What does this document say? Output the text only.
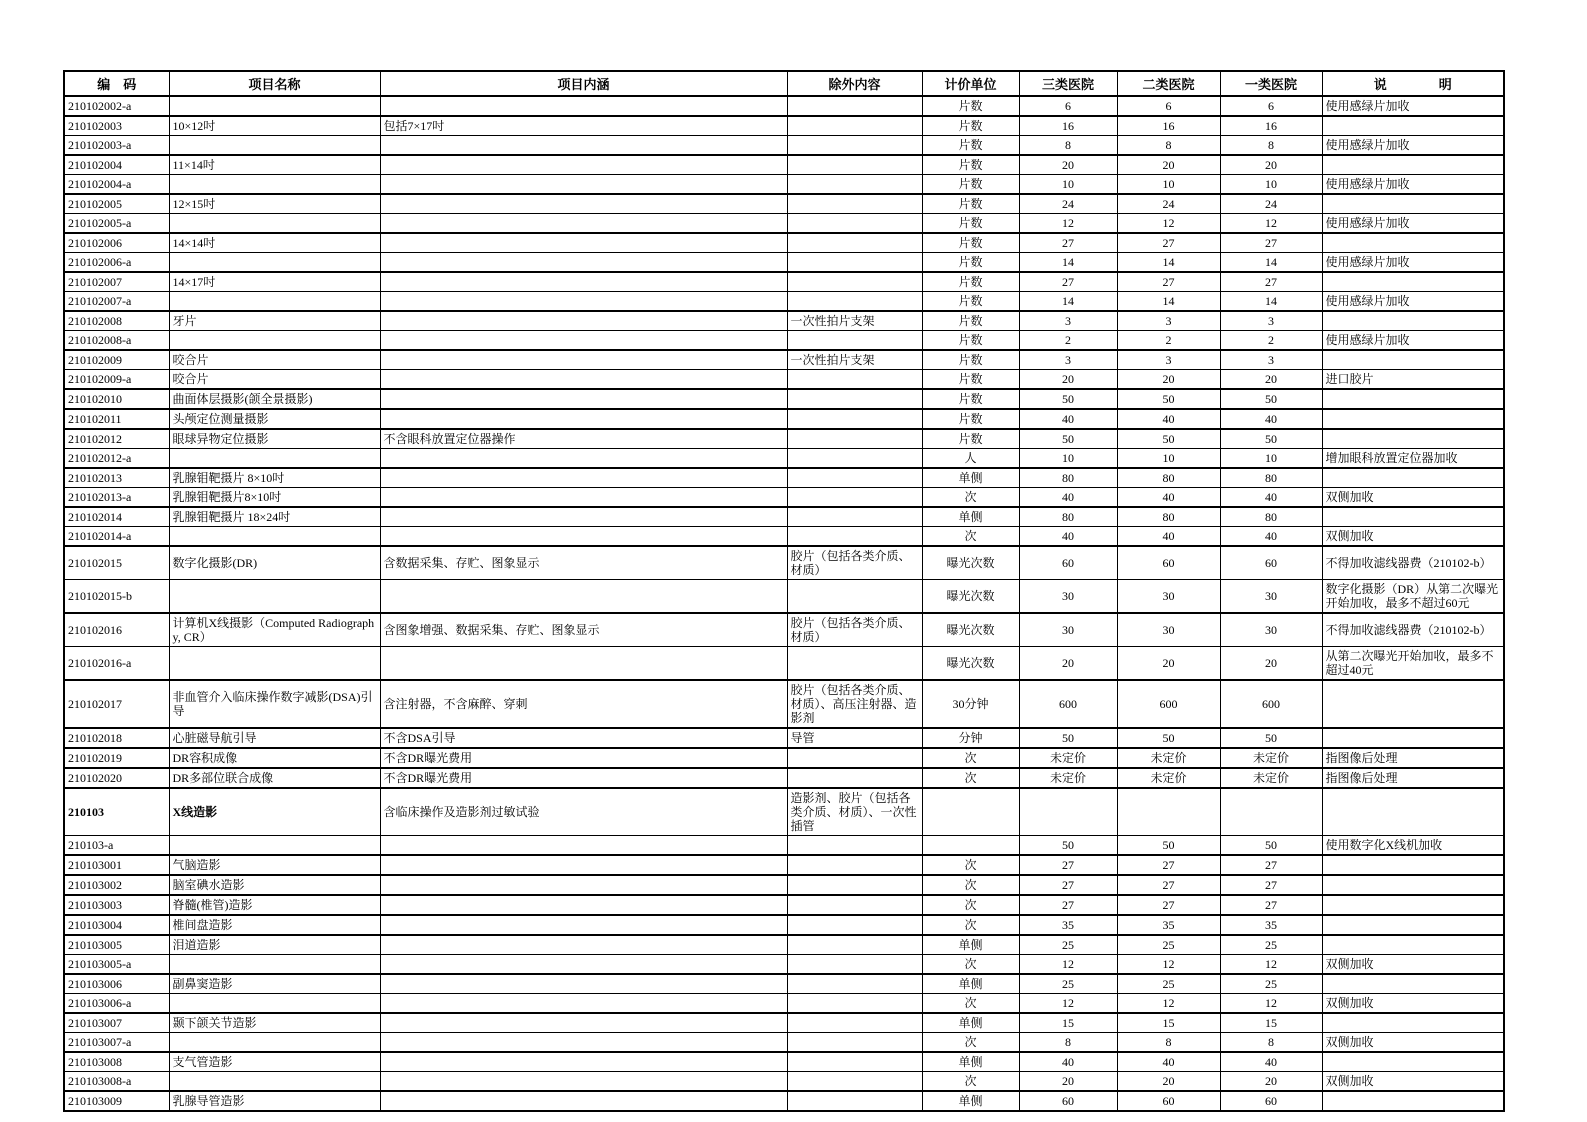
编　码	项目名称	项目内涵	除外内容	计价单位	三类医院	二类医院	一类医院	说　　　　明
210102002-a				片数	6	6	6	使用感绿片加收
210102003	10×12吋	包括7×17吋		片数	16	16	16	
210102003-a				片数	8	8	8	使用感绿片加收
210102004	11×14吋			片数	20	20	20	
210102004-a				片数	10	10	10	使用感绿片加收
210102005	12×15吋			片数	24	24	24	
210102005-a				片数	12	12	12	使用感绿片加收
210102006	14×14吋			片数	27	27	27	
210102006-a				片数	14	14	14	使用感绿片加收
210102007	14×17吋			片数	27	27	27	
210102007-a				片数	14	14	14	使用感绿片加收
210102008	牙片		一次性拍片支架	片数	3	3	3	
210102008-a				片数	2	2	2	使用感绿片加收
210102009	咬合片		一次性拍片支架	片数	3	3	3	
210102009-a	咬合片			片数	20	20	20	进口胶片
210102010	曲面体层摄影(颌全景摄影)			片数	50	50	50	
210102011	头颅定位测量摄影			片数	40	40	40	
210102012	眼球异物定位摄影	不含眼科放置定位器操作		片数	50	50	50	
210102012-a				人	10	10	10	增加眼科放置定位器加收
210102013	乳腺钼靶摄片 8×10吋			单侧	80	80	80	
210102013-a	乳腺钼靶摄片8×10吋			次	40	40	40	双侧加收
210102014	乳腺钼靶摄片 18×24吋			单侧	80	80	80	
210102014-a				次	40	40	40	双侧加收
210102015	数字化摄影(DR)	含数据采集、存贮、图象显示	胶片（包括各类介质、材质）	曝光次数	60	60	60	不得加收滤线器费（210102-b）
210102015-b				曝光次数	30	30	30	数字化摄影（DR）从第二次曝光开始加收，最多不超过60元
210102016	计算机X线摄影（Computed Radiography, CR）	含图象增强、数据采集、存贮、图象显示	胶片（包括各类介质、材质）	曝光次数	30	30	30	不得加收滤线器费（210102-b）
210102016-a				曝光次数	20	20	20	从第二次曝光开始加收，最多不超过40元
210102017	非血管介入临床操作数字减影(DSA)引导	含注射器，不含麻醉、穿刺	胶片（包括各类介质、材质）、高压注射器、造影剂	30分钟	600	600	600	
210102018	心脏磁导航引导	不含DSA引导	导管	分钟	50	50	50	
210102019	DR容积成像	不含DR曝光费用		次	未定价	未定价	未定价	指图像后处理
210102020	DR多部位联合成像	不含DR曝光费用		次	未定价	未定价	未定价	指图像后处理
210103	X线造影	含临床操作及造影剂过敏试验	造影剂、胶片（包括各类介质、材质）、一次性插管					
210103-a					50	50	50	使用数字化X线机加收
210103001	气脑造影			次	27	27	27	
210103002	脑室碘水造影			次	27	27	27	
210103003	脊髓(椎管)造影			次	27	27	27	
210103004	椎间盘造影			次	35	35	35	
210103005	泪道造影			单侧	25	25	25	
210103005-a				次	12	12	12	双侧加收
210103006	副鼻窦造影			单侧	25	25	25	
210103006-a				次	12	12	12	双侧加收
210103007	颞下颌关节造影			单侧	15	15	15	
210103007-a				次	8	8	8	双侧加收
210103008	支气管造影			单侧	40	40	40	
210103008-a				次	20	20	20	双侧加收
210103009	乳腺导管造影			单侧	60	60	60	
